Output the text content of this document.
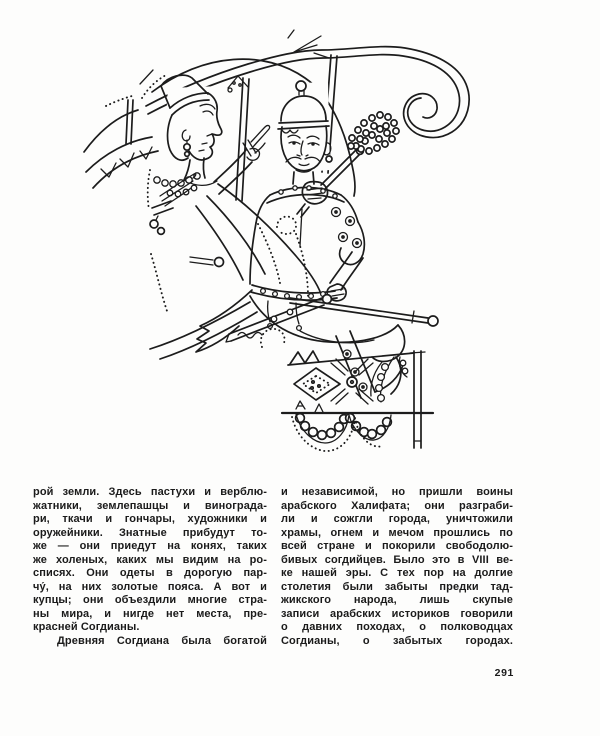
рой земли. Здесь пастухи и верблю-
жатники, землепашцы и винограда-
ри, ткачи и гончары, художники и
оружейники. Знатные прибудут то-
же — они приедут на конях, таких
же холеных, каких мы видим на ро-
списях. Они одеты в дорогую пар-
чу́, на них золотые пояса. А вот и
купцы; они объездили многие стра-
ны мира, и нигде нет места, пре-
красней Согдианы.
Древняя Согдиана была богатой
и независимой, но пришли воины
арабского Халифата; они разграби-
ли и сожгли города, уничтожили
храмы, огнем и мечом прошлись по
всей стране и покорили свободолю-
бивых согдийцев. Было это в VIII ве-
ке нашей эры. С тех пор на долгие
столетия были забыты предки тад-
жикского народа, лишь скупые
записи арабских историков говорили
о давних походах, о полководцах
Согдианы, о забытых городах.
291
